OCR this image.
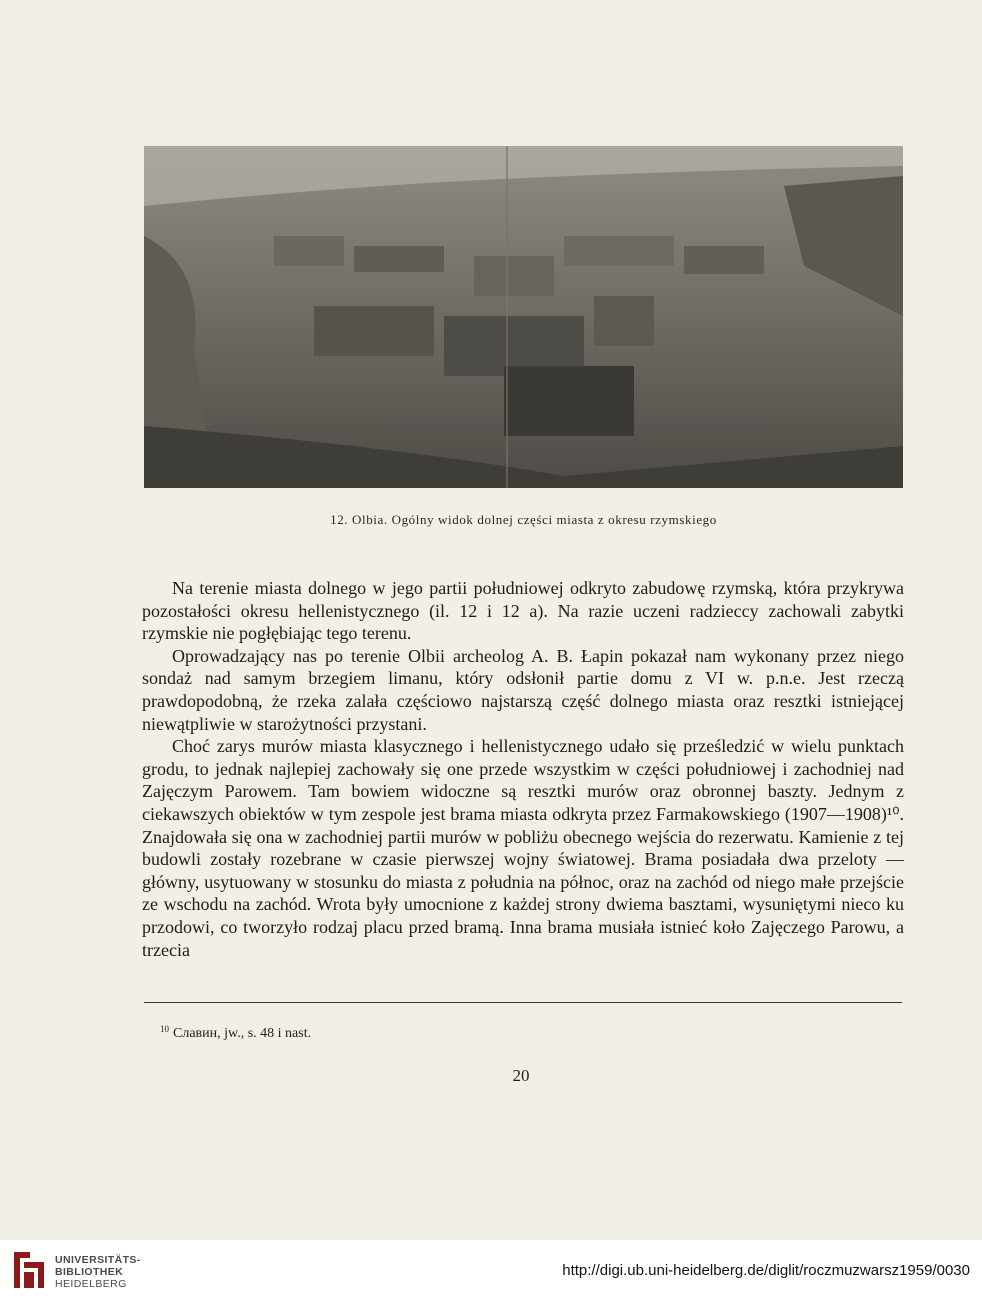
12. Olbia. Ogólny widok dolnej części miasta z okresu rzymskiego

Na terenie miasta dolnego w jego partii południowej odkryto zabudowę rzymską, która przykrywa pozostałości okresu hellenistycznego (il. 12 i 12 a). Na razie uczeni radzieccy zachowali zabytki rzymskie nie pogłębiając tego terenu.

Oprowadzający nas po terenie Olbii archeolog A. B. Łapin pokazał nam wykonany przez niego sondaż nad samym brzegiem limanu, który odsłonił partie domu z VI w. p.n.e. Jest rzeczą prawdopodobną, że rzeka zalała częściowo najstarszą część dolnego miasta oraz resztki istniejącej niewątpliwie w starożytności przystani.

Choć zarys murów miasta klasycznego i hellenistycznego udało się prześledzić w wielu punktach grodu, to jednak najlepiej zachowały się one przede wszystkim w części południowej i zachodniej nad Zajęczym Parowem. Tam bowiem widoczne są resztki murów oraz obronnej baszty. Jednym z ciekawszych obiektów w tym zespole jest brama miasta odkryta przez Farmakowskiego (1907—1908)¹⁰. Znajdowała się ona w zachodniej partii murów w pobliżu obecnego wejścia do rezerwatu. Kamienie z tej budowli zostały rozebrane w czasie pierwszej wojny światowej. Brama posiadała dwa przeloty — główny, usytuowany w stosunku do miasta z południa na północ, oraz na zachód od niego małe przejście ze wschodu na zachód. Wrota były umocnione z każdej strony dwiema basztami, wysuniętymi nieco ku przodowi, co tworzyło rodzaj placu przed bramą. Inna brama musiała istnieć koło Zajęczego Parowu, a trzecia

$^{10}$ Славин, jw., s. 48 i nast.
20
UNIVERSITÄTS-
BIBLIOTHEK
HEIDELBERG
http://digi.ub.uni-heidelberg.de/diglit/roczmuzwarsz1959/0030
